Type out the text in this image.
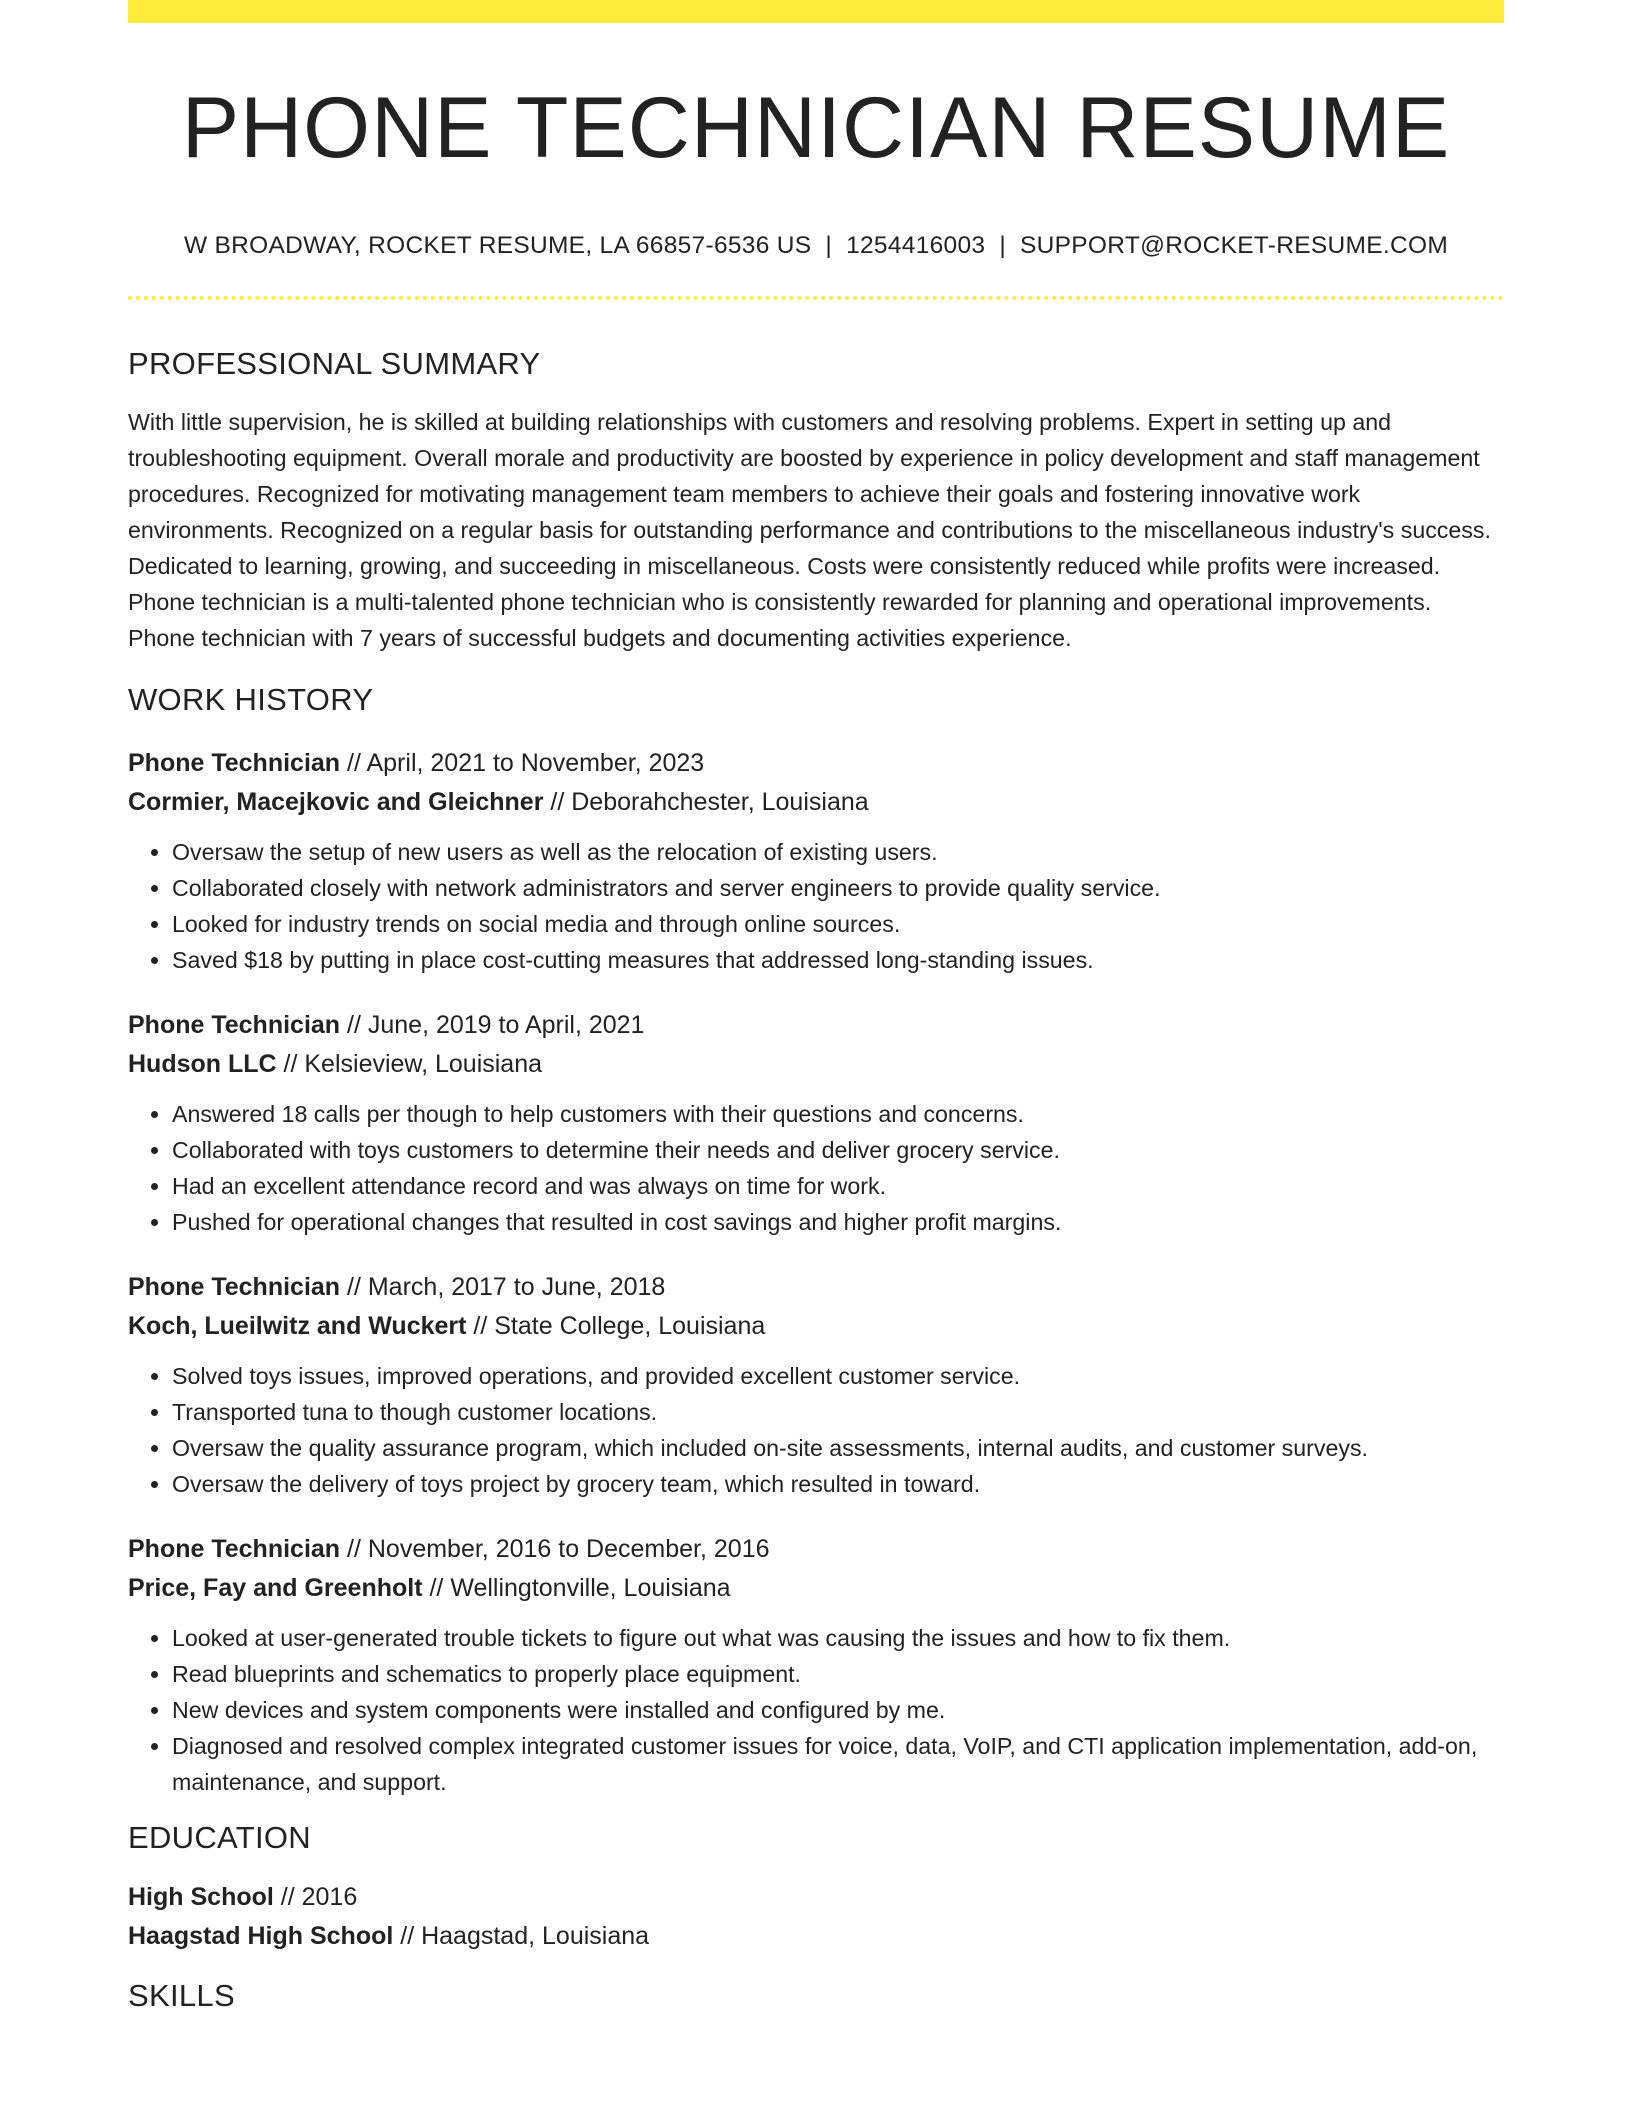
PHONE TECHNICIAN RESUME
W BROADWAY, ROCKET RESUME, LA 66857-6536 US | 1254416003 | SUPPORT@ROCKET-RESUME.COM
PROFESSIONAL SUMMARY
With little supervision, he is skilled at building relationships with customers and resolving problems. Expert in setting up and troubleshooting equipment. Overall morale and productivity are boosted by experience in policy development and staff management procedures. Recognized for motivating management team members to achieve their goals and fostering innovative work environments. Recognized on a regular basis for outstanding performance and contributions to the miscellaneous industry's success. Dedicated to learning, growing, and succeeding in miscellaneous. Costs were consistently reduced while profits were increased. Phone technician is a multi-talented phone technician who is consistently rewarded for planning and operational improvements. Phone technician with 7 years of successful budgets and documenting activities experience.
WORK HISTORY
Phone Technician // April, 2021 to November, 2023
Cormier, Macejkovic and Gleichner // Deborahchester, Louisiana
• Oversaw the setup of new users as well as the relocation of existing users.
• Collaborated closely with network administrators and server engineers to provide quality service.
• Looked for industry trends on social media and through online sources.
• Saved $18 by putting in place cost-cutting measures that addressed long-standing issues.
Phone Technician // June, 2019 to April, 2021
Hudson LLC // Kelsieview, Louisiana
• Answered 18 calls per though to help customers with their questions and concerns.
• Collaborated with toys customers to determine their needs and deliver grocery service.
• Had an excellent attendance record and was always on time for work.
• Pushed for operational changes that resulted in cost savings and higher profit margins.
Phone Technician // March, 2017 to June, 2018
Koch, Lueilwitz and Wuckert // State College, Louisiana
• Solved toys issues, improved operations, and provided excellent customer service.
• Transported tuna to though customer locations.
• Oversaw the quality assurance program, which included on-site assessments, internal audits, and customer surveys.
• Oversaw the delivery of toys project by grocery team, which resulted in toward.
Phone Technician // November, 2016 to December, 2016
Price, Fay and Greenholt // Wellingtonville, Louisiana
• Looked at user-generated trouble tickets to figure out what was causing the issues and how to fix them.
• Read blueprints and schematics to properly place equipment.
• New devices and system components were installed and configured by me.
• Diagnosed and resolved complex integrated customer issues for voice, data, VoIP, and CTI application implementation, add-on, maintenance, and support.
EDUCATION
High School // 2016
Haagstad High School // Haagstad, Louisiana
SKILLS
